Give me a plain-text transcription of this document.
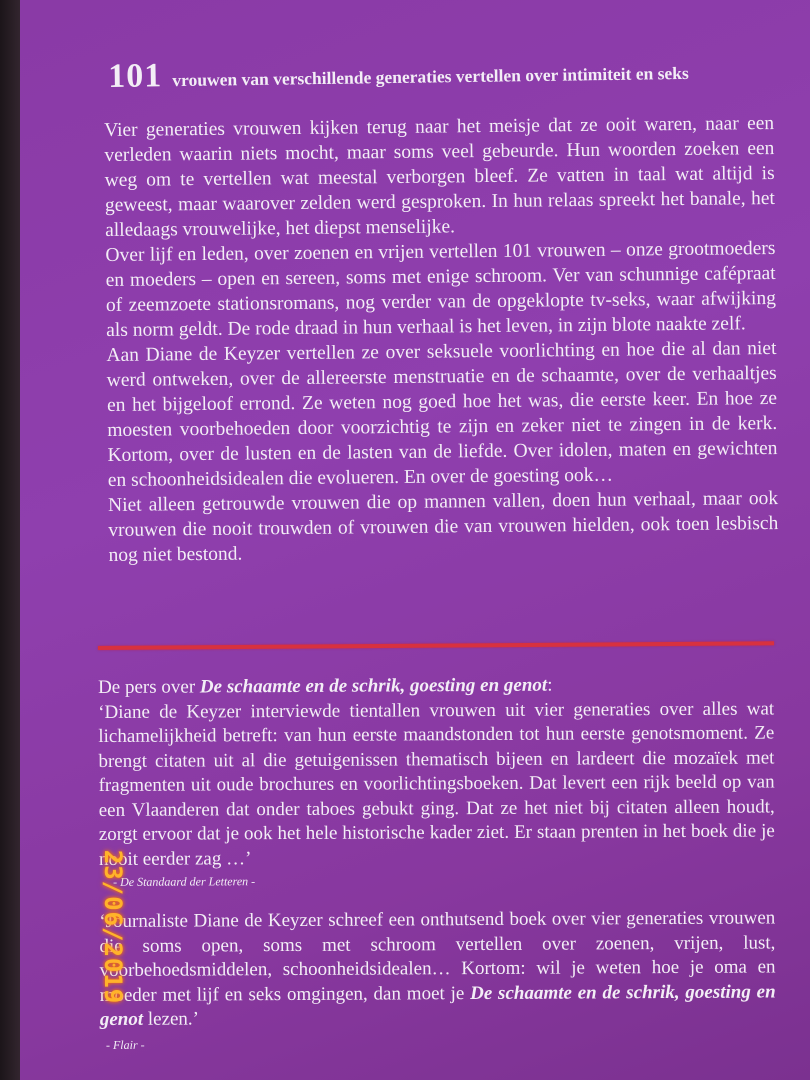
101 vrouwen van verschillende generaties vertellen over intimiteit en seks

Vier generaties vrouwen kijken terug naar het meisje dat ze ooit waren, naar een verleden waarin niets mocht, maar soms veel gebeurde. Hun woorden zoeken een weg om te vertellen wat meestal verborgen bleef. Ze vatten in taal wat altijd is geweest, maar waarover zelden werd gesproken. In hun relaas spreekt het banale, het alledaags vrouwelijke, het diepst menselijke.

Over lijf en leden, over zoenen en vrijen vertellen 101 vrouwen – onze grootmoeders en moeders – open en sereen, soms met enige schroom. Ver van schunnige cafépraat of zeemzoete stationsromans, nog verder van de opgeklopte tv-seks, waar afwijking als norm geldt. De rode draad in hun verhaal is het leven, in zijn blote naakte zelf.

Aan Diane de Keyzer vertellen ze over seksuele voorlichting en hoe die al dan niet werd ontweken, over de allereerste menstruatie en de schaamte, over de verhaaltjes en het bijgeloof errond. Ze weten nog goed hoe het was, die eerste keer. En hoe ze moesten voorbehoeden door voorzichtig te zijn en zeker niet te zingen in de kerk. Kortom, over de lusten en de lasten van de liefde. Over idolen, maten en gewichten en schoonheidsidealen die evolueren. En over de goesting ook…

Niet alleen getrouwde vrouwen die op mannen vallen, doen hun verhaal, maar ook vrouwen die nooit trouwden of vrouwen die van vrouwen hielden, ook toen lesbisch nog niet bestond.

De pers over De schaamte en de schrik, goesting en genot:

‘Diane de Keyzer interviewde tientallen vrouwen uit vier generaties over alles wat lichamelijkheid betreft: van hun eerste maandstonden tot hun eerste genotsmoment. Ze brengt citaten uit al die getuigenissen thematisch bijeen en lardeert die mozaïek met fragmenten uit oude brochures en voorlichtingsboeken. Dat levert een rijk beeld op van een Vlaanderen dat onder taboes gebukt ging. Dat ze het niet bij citaten alleen houdt, zorgt ervoor dat je ook het hele historische kader ziet. Er staan prenten in het boek die je nooit eerder zag …’

- De Standaard der Letteren -

‘Journaliste Diane de Keyzer schreef een onthutsend boek over vier generaties vrouwen die soms open, soms met schroom vertellen over zoenen, vrijen, lust, voorbehoedsmiddelen, schoonheidsidealen… Kortom: wil je weten hoe je oma en moeder met lijf en seks omgingen, dan moet je De schaamte en de schrik, goesting en genot lezen.’

- Flair -
23/06/2019
